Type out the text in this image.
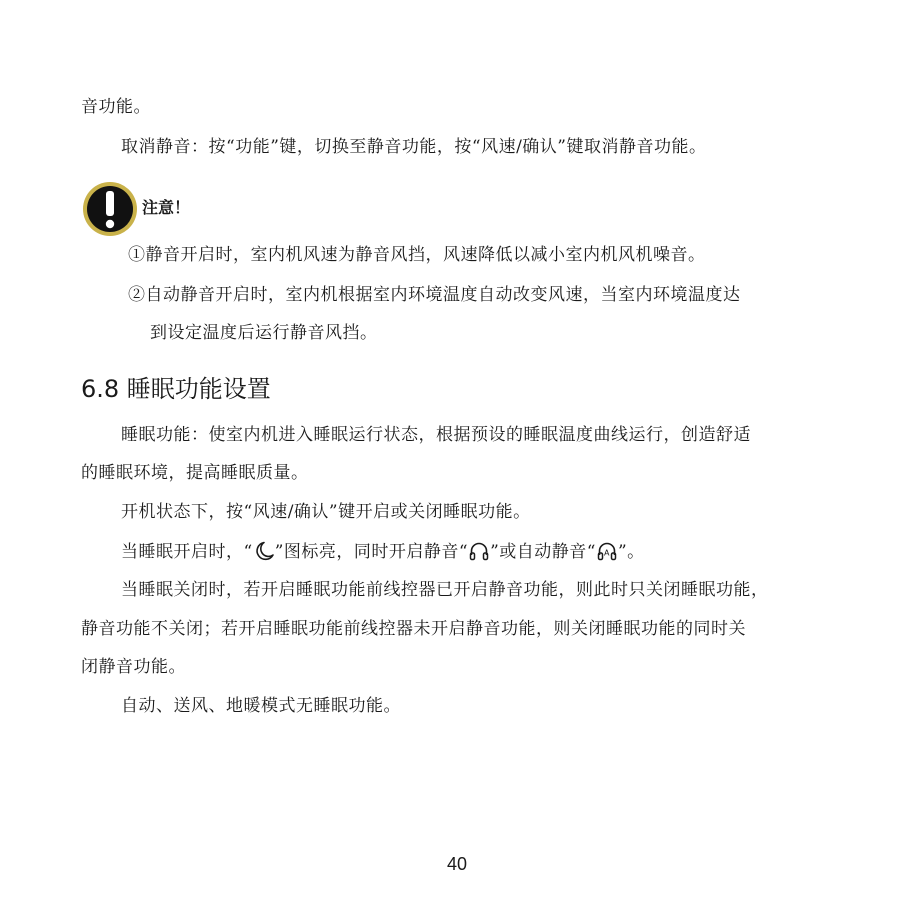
音功能。
取消静音：按“功能”键，切换至静音功能，按“风速/确认”键取消静音功能。
注意！
①静音开启时，室内机风速为静音风挡，风速降低以减小室内机风机噪音。
②自动静音开启时，室内机根据室内环境温度自动改变风速，当室内环境温度达
到设定温度后运行静音风挡。
6.8 睡眠功能设置
睡眠功能：使室内机进入睡眠运行状态，根据预设的睡眠温度曲线运行，创造舒适
的睡眠环境，提高睡眠质量。
开机状态下，按“风速/确认”键开启或关闭睡眠功能。
当睡眠开启时，“ ”图标亮，同时开启静音“ ”或自动静音“ A ”。
当睡眠关闭时，若开启睡眠功能前线控器已开启静音功能，则此时只关闭睡眠功能，
静音功能不关闭；若开启睡眠功能前线控器未开启静音功能，则关闭睡眠功能的同时关
闭静音功能。
自动、送风、地暖模式无睡眠功能。
40
